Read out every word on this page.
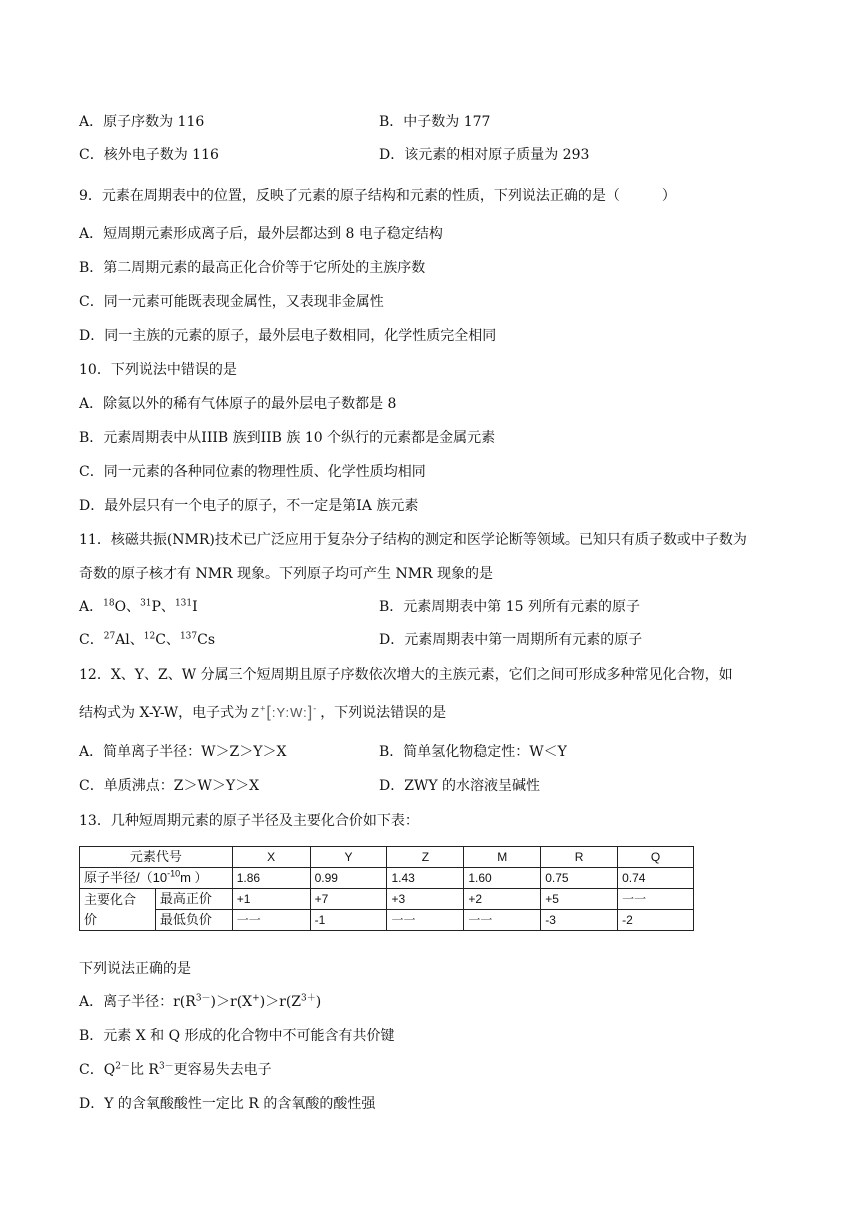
A．原子序数为 116	B．中子数为 177
C．核外电子数为 116	D．该元素的相对原子质量为 293
9．元素在周期表中的位置，反映了元素的原子结构和元素的性质，下列说法正确的是（　　　）
A．短周期元素形成离子后，最外层都达到 8 电子稳定结构
B．第二周期元素的最高正化合价等于它所处的主族序数
C．同一元素可能既表现金属性，又表现非金属性
D．同一主族的元素的原子，最外层电子数相同，化学性质完全相同
10．下列说法中错误的是
A．除氦以外的稀有气体原子的最外层电子数都是 8
B．元素周期表中从IIIB 族到IIB 族 10 个纵行的元素都是金属元素
C．同一元素的各种同位素的物理性质、化学性质均相同
D．最外层只有一个电子的原子，不一定是第IA 族元素
11．核磁共振(NMR)技术已广泛应用于复杂分子结构的测定和医学论断等领域。已知只有质子数或中子数为
奇数的原子核才有 NMR 现象。下列原子均可产生 NMR 现象的是
A．$^{18}$O、$^{31}$P、$^{131}$I	B．元素周期表中第 15 列所有元素的原子
C．$^{27}$Al、$^{12}$C、$^{137}$Cs	D．元素周期表中第一周期所有元素的原子
12．X、Y、Z、W 分属三个短周期且原子序数依次增大的主族元素，它们之间可形成多种常见化合物，如
结构式为 X-Y-W，电子式为 Z+[:Y:W:]- ，下列说法错误的是
A．简单离子半径：W＞Z＞Y＞X	B．简单氢化物稳定性：W＜Y
C．单质沸点：Z＞W＞Y＞X	D．ZWY 的水溶液呈碱性
13．几种短周期元素的原子半径及主要化合价如下表：
元素代号		X	Y	Z	M	R	Q
原子半径$/(10^{-10}m$ ）		1.86	0.99	1.43	1.60	0.75	0.74
主要化合
价	最高正价	+1	+7	+3	+2	+5	一一
	最低负价	一一	-1	一一	一一	-3	-2
下列说法正确的是
A．离子半径：$r(R^{3-})>r(X^+)>r(Z^{3+})$
B．元素 X 和 Q 形成的化合物中不可能含有共价键
C．$Q^{2-}$比 $R^{3-}$更容易失去电子
D．Y 的含氧酸酸性一定比 R 的含氧酸的酸性强
